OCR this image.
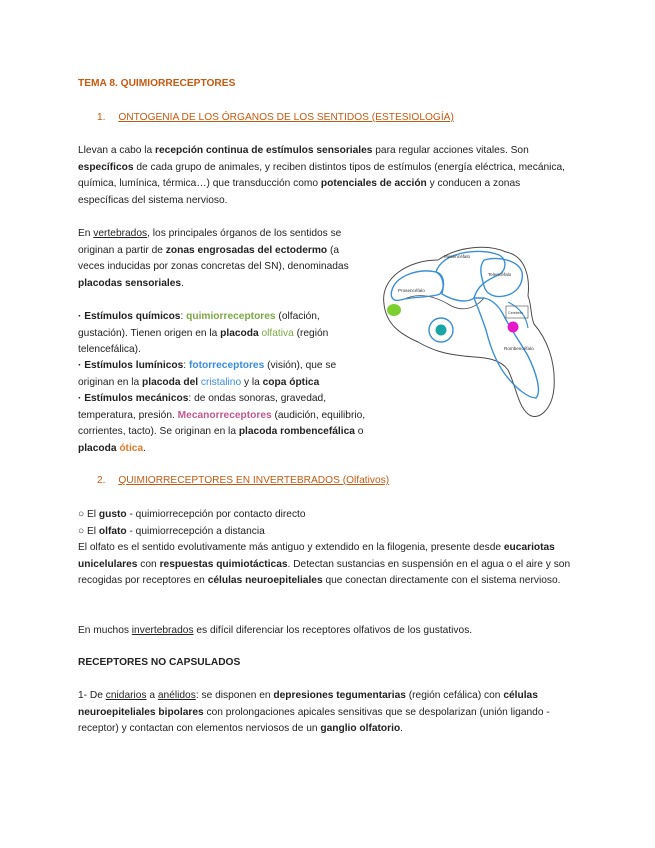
TEMA 8. QUIMIORRECEPTORES
1. ONTOGENIA DE LOS ÓRGANOS DE LOS SENTIDOS (ESTESIOLOGÍA)

Llevan a cabo la recepción continua de estímulos sensoriales para regular acciones vitales. Son específicos de cada grupo de animales, y reciben distintos tipos de estímulos (energía eléctrica, mecánica, química, lumínica, térmica…) que transducción como potenciales de acción y conducen a zonas específicas del sistema nervioso.

En vertebrados, los principales órganos de los sentidos se originan a partir de zonas engrosadas del ectodermo (a veces inducidas por zonas concretas del SN), denominadas placodas sensoriales.

· Estímulos químicos: quimiorreceptores (olfación, gustación). Tienen origen en la placoda olfativa (región telencefálica).

· Estímulos lumínicos: fotorreceptores (visión), que se originan en la placoda del cristalino y la copa óptica

· Estímulos mecánicos: de ondas sonoras, gravedad, temperatura, presión. Mecanorreceptores (audición, equilibrio, corrientes, tacto). Se originan en la placoda rombencefálica o placoda ótica.

Prosencéfalo
Mesencéfalo
Telencéfalo
Cerebelo
Rombencéfalo
2. QUIMIORRECEPTORES EN INVERTEBRADOS (Olfativos)

○ El gusto - quimiorrecepción por contacto directo

○ El olfato - quimiorrecepción a distancia

El olfato es el sentido evolutivamente más antiguo y extendido en la filogenia, presente desde eucariotas unicelulares con respuestas quimiotácticas. Detectan sustancias en suspensión en el agua o el aire y son recogidas por receptores en células neuroepiteliales que conectan directamente con el sistema nervioso.

En muchos invertebrados es difícil diferenciar los receptores olfativos de los gustativos.

RECEPTORES NO CAPSULADOS

1- De cnidarios a anélidos: se disponen en depresiones tegumentarias (región cefálica) con células neuroepiteliales bipolares con prolongaciones apicales sensitivas que se despolarizan (unión ligando - receptor) y contactan con elementos nerviosos de un ganglio olfatorio.
